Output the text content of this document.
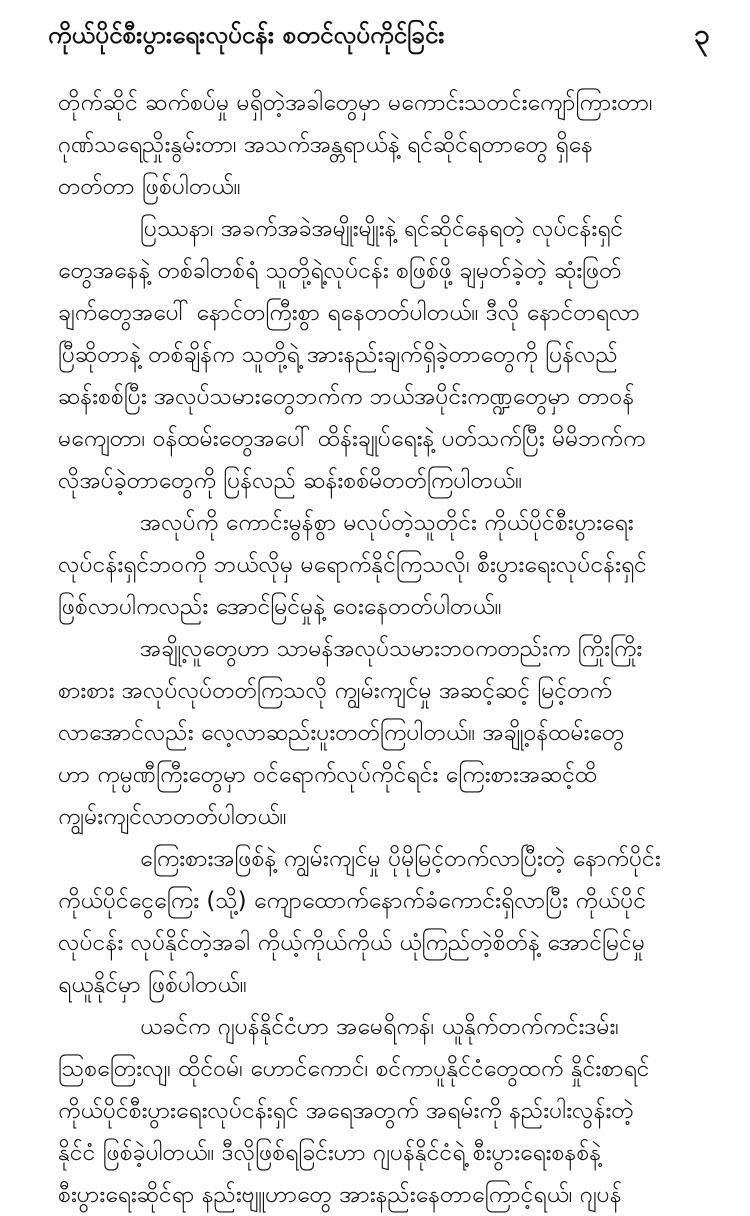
ကိုယ်ပိုင်စီးပွားရေးလုပ်ငန်း စတင်လုပ်ကိုင်ခြင်း	၃
တိုက်ဆိုင် ဆက်စပ်မှု မရှိတဲ့အခါတွေမှာ မကောင်းသတင်းကျော်ကြားတာ၊
ဂုဏ်သရေညှိုးနွမ်းတာ၊ အသက်အန္တရာယ်နဲ့ ရင်ဆိုင်ရတာတွေ ရှိနေ
တတ်တာ ဖြစ်ပါတယ်။
ပြဿနာ၊ အခက်အခဲအမျိုးမျိုးနဲ့ ရင်ဆိုင်နေရတဲ့ လုပ်ငန်းရှင်
တွေအနေနဲ့ တစ်ခါတစ်ရံ သူတို့ရဲ့လုပ်ငန်း စဖြစ်ဖို့ ချမှတ်ခဲ့တဲ့ ဆုံးဖြတ်
ချက်တွေအပေါ် နောင်တကြီးစွာ ရနေတတ်ပါတယ်။ ဒီလို နောင်တရလာ
ပြီဆိုတာနဲ့ တစ်ချိန်က သူတို့ရဲ့ အားနည်းချက်ရှိခဲ့တာတွေကို ပြန်လည်
ဆန်းစစ်ပြီး အလုပ်သမားတွေဘက်က ဘယ်အပိုင်းကဏ္ဍတွေမှာ တာဝန်
မကျေတာ၊ ဝန်ထမ်းတွေအပေါ် ထိန်းချုပ်ရေးနဲ့ ပတ်သက်ပြီး မိမိဘက်က
လိုအပ်ခဲ့တာတွေကို ပြန်လည် ဆန်းစစ်မိတတ်ကြပါတယ်။
အလုပ်ကို ကောင်းမွန်စွာ မလုပ်တဲ့သူတိုင်း ကိုယ်ပိုင်စီးပွားရေး
လုပ်ငန်းရှင်ဘဝကို ဘယ်လိုမှ မရောက်နိုင်ကြသလို၊ စီးပွားရေးလုပ်ငန်းရှင်
ဖြစ်လာပါကလည်း အောင်မြင်မှုနဲ့ ဝေးနေတတ်ပါတယ်။
အချို့လူတွေဟာ သာမန်အလုပ်သမားဘဝကတည်းက ကြိုးကြိုး
စားစား အလုပ်လုပ်တတ်ကြသလို ကျွမ်းကျင်မှု အဆင့်ဆင့် မြင့်တက်
လာအောင်လည်း လေ့လာဆည်းပူးတတ်ကြပါတယ်။ အချို့ဝန်ထမ်းတွေ
ဟာ ကုမ္ပဏီကြီးတွေမှာ ဝင်ရောက်လုပ်ကိုင်ရင်း ကြေးစားအဆင့်ထိ
ကျွမ်းကျင်လာတတ်ပါတယ်။
ကြေးစားအဖြစ်နဲ့ ကျွမ်းကျင်မှု ပိုမိုမြင့်တက်လာပြီးတဲ့ နောက်ပိုင်း
ကိုယ်ပိုင်ငွေကြေး (သို့) ကျောထောက်နောက်ခံကောင်းရှိလာပြီး ကိုယ်ပိုင်
လုပ်ငန်း လုပ်နိုင်တဲ့အခါ ကိုယ့်ကိုယ်ကိုယ် ယုံကြည်တဲ့စိတ်နဲ့ အောင်မြင်မှု
ရယူနိုင်မှာ ဖြစ်ပါတယ်။
ယခင်က ဂျပန်နိုင်ငံဟာ အမေရိကန်၊ ယူနိုက်တက်ကင်းဒမ်း၊
သြစတြေးလျ၊ ထိုင်ဝမ်၊ ဟောင်ကောင်၊ စင်ကာပူနိုင်ငံတွေထက် နှိုင်းစာရင်
ကိုယ်ပိုင်စီးပွားရေးလုပ်ငန်းရှင် အရေအတွက် အရမ်းကို နည်းပါးလွန်းတဲ့
နိုင်ငံ ဖြစ်ခဲ့ပါတယ်။ ဒီလိုဖြစ်ရခြင်းဟာ ဂျပန်နိုင်ငံရဲ့ စီးပွားရေးစနစ်နဲ့
စီးပွားရေးဆိုင်ရာ နည်းဗျူဟာတွေ အားနည်းနေတာကြောင့်ရယ်၊ ဂျပန်
